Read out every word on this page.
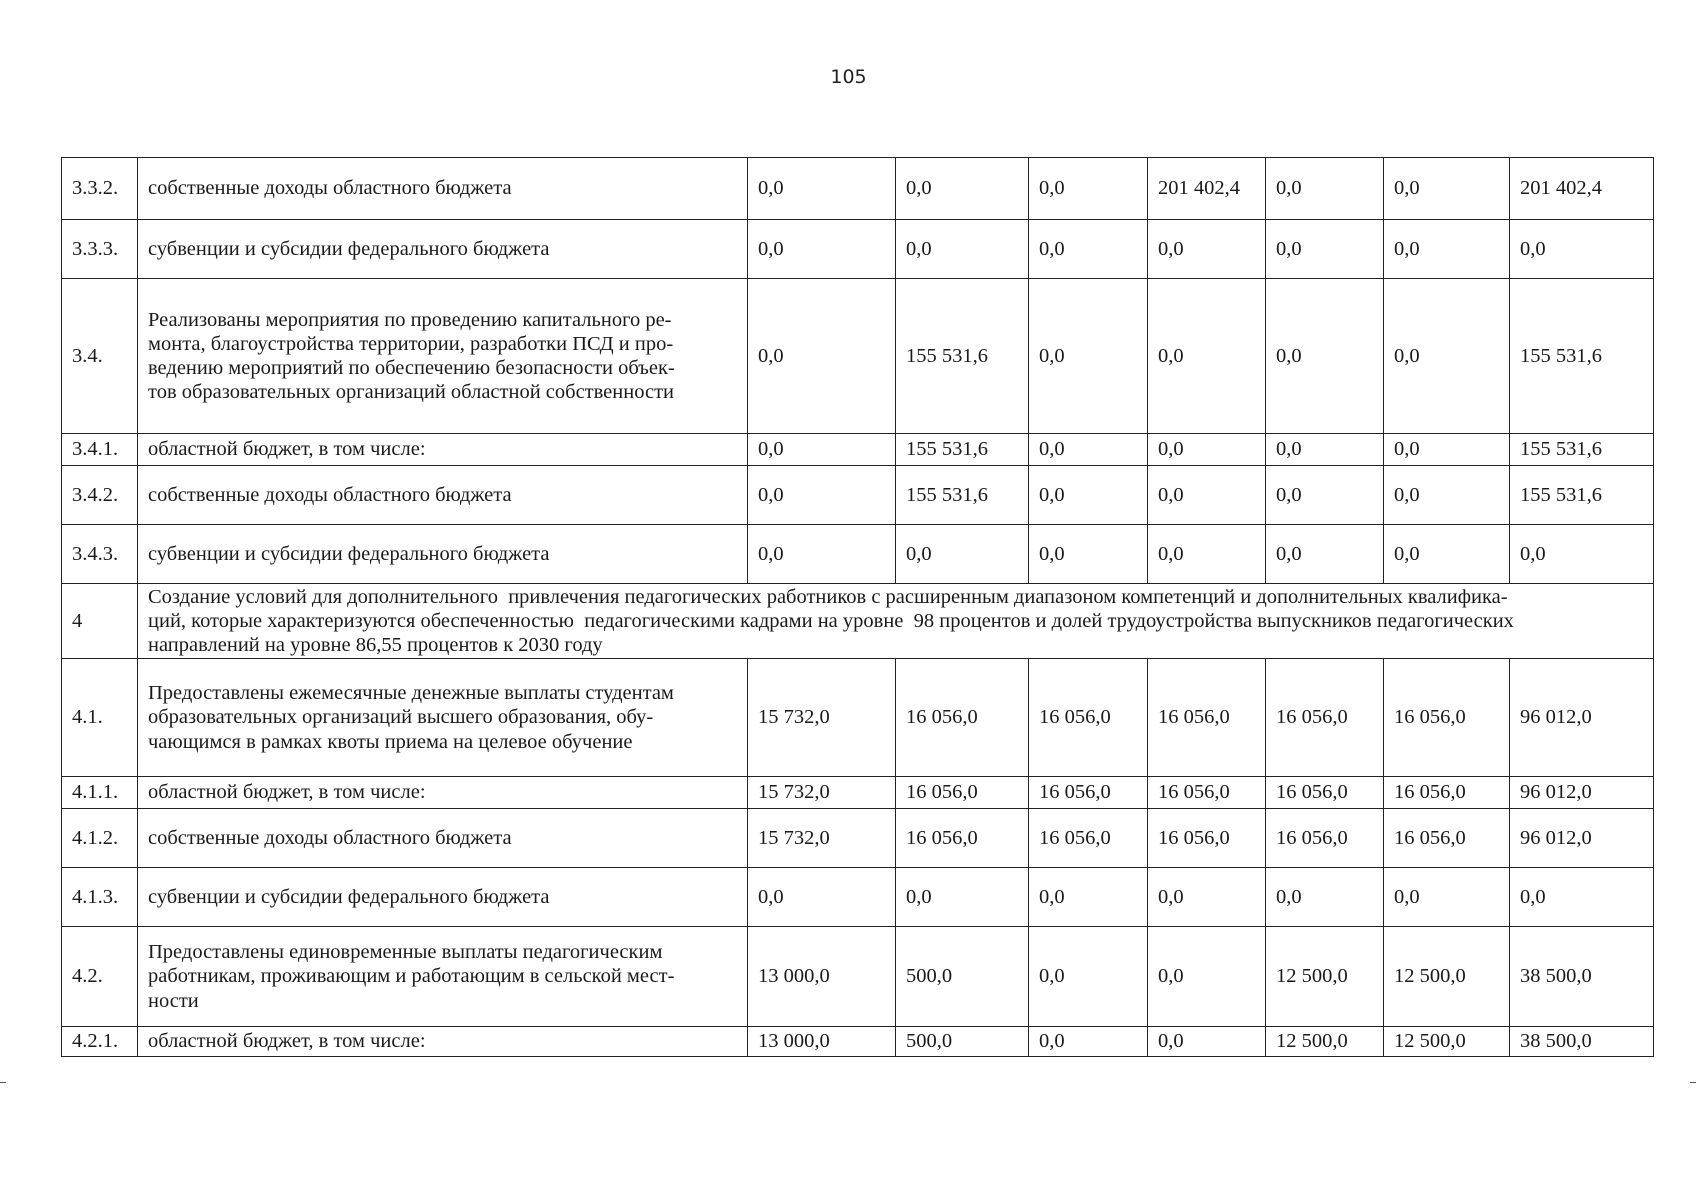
105
3.3.2.	собственные доходы областного бюджета	0,0	0,0	0,0	201 402,4	0,0	0,0	201 402,4
3.3.3.	субвенции и субсидии федерального бюджета	0,0	0,0	0,0	0,0	0,0	0,0	0,0
3.4.	Реализованы мероприятия по проведению капитального ре-
монта, благоустройства территории, разработки ПСД и про-
ведению мероприятий по обеспечению безопасности объек-
тов образовательных организаций областной собственности	0,0	155 531,6	0,0	0,0	0,0	0,0	155 531,6
3.4.1.	областной бюджет, в том числе:	0,0	155 531,6	0,0	0,0	0,0	0,0	155 531,6
3.4.2.	собственные доходы областного бюджета	0,0	155 531,6	0,0	0,0	0,0	0,0	155 531,6
3.4.3.	субвенции и субсидии федерального бюджета	0,0	0,0	0,0	0,0	0,0	0,0	0,0
4	Создание условий для дополнительного  привлечения педагогических работников с расширенным диапазоном компетенций и дополнительных квалифика-
ций, которые характеризуются обеспеченностью  педагогическими кадрами на уровне  98 процентов и долей трудоустройства выпускников педагогических
направлений на уровне 86,55 процентов к 2030 году							
4.1.	Предоставлены ежемесячные денежные выплаты студентам
образовательных организаций высшего образования, обу-
чающимся в рамках квоты приема на целевое обучение	15 732,0	16 056,0	16 056,0	16 056,0	16 056,0	16 056,0	96 012,0
4.1.1.	областной бюджет, в том числе:	15 732,0	16 056,0	16 056,0	16 056,0	16 056,0	16 056,0	96 012,0
4.1.2.	собственные доходы областного бюджета	15 732,0	16 056,0	16 056,0	16 056,0	16 056,0	16 056,0	96 012,0
4.1.3.	субвенции и субсидии федерального бюджета	0,0	0,0	0,0	0,0	0,0	0,0	0,0
4.2.	Предоставлены единовременные выплаты педагогическим
работникам, проживающим и работающим в сельской мест-
ности	13 000,0	500,0	0,0	0,0	12 500,0	12 500,0	38 500,0
4.2.1.	областной бюджет, в том числе:	13 000,0	500,0	0,0	0,0	12 500,0	12 500,0	38 500,0
